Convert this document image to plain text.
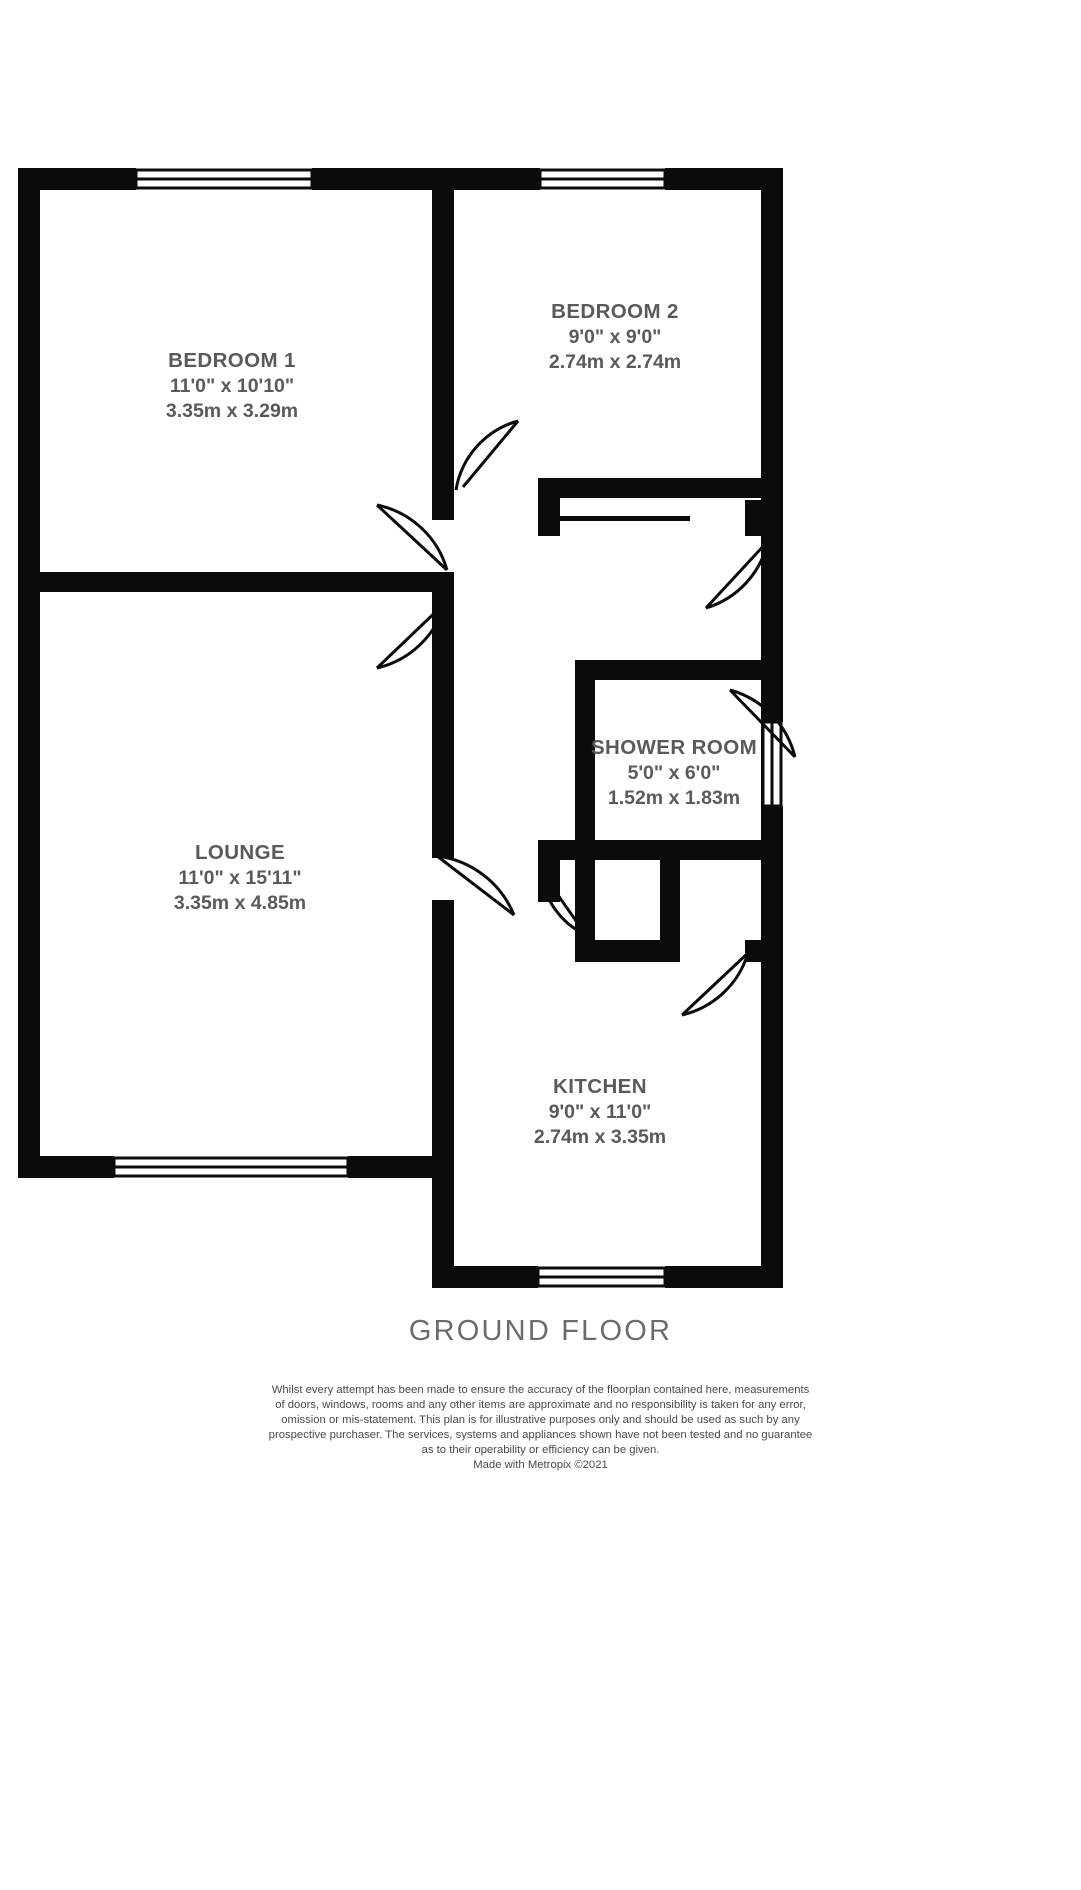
BEDROOM 1
11'0" x 10'10"
3.35m x 3.29m
BEDROOM 2
9'0" x 9'0"
2.74m x 2.74m
LOUNGE
11'0" x 15'11"
3.35m x 4.85m
SHOWER ROOM
5'0" x 6'0"
1.52m x 1.83m
KITCHEN
9'0" x 11'0"
2.74m x 3.35m
GROUND FLOOR
Whilst every attempt has been made to ensure the accuracy of the floorplan contained here, measurements
of doors, windows, rooms and any other items are approximate and no responsibility is taken for any error,
omission or mis-statement. This plan is for illustrative purposes only and should be used as such by any
prospective purchaser. The services, systems and appliances shown have not been tested and no guarantee
as to their operability or efficiency can be given.
Made with Metropix ©2021
